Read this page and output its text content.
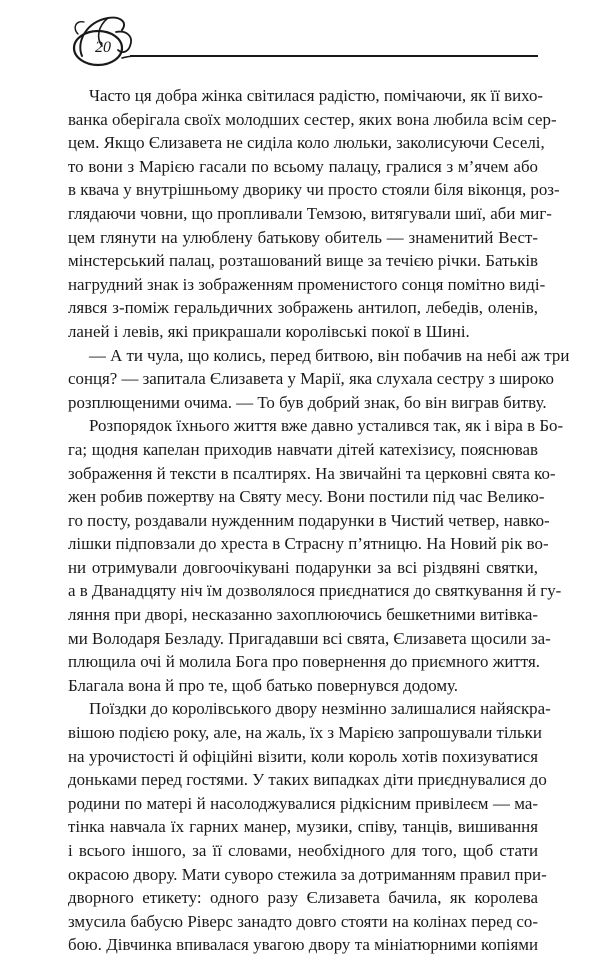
20
Часто ця добра жінка світилася радістю, помічаючи, як її вихо-
ванка оберігала своїх молодших сестер, яких вона любила всім сер-
цем. Якщо Єлизавета не сиділа коло люльки, заколисуючи Сеселі,
то вони з Марією гасали по всьому палацу, гралися з м’ячем або
в квача у внутрішньому дворику чи просто стояли біля віконця, роз-
глядаючи човни, що пропливали Темзою, витягували шиї, аби миг-
цем глянути на улюблену батькову обитель — знаменитий Вест-
мінстерський палац, розташований вище за течією річки. Батьків
нагрудний знак із зображенням променистого сонця помітно виді-
лявся з-поміж геральдичних зображень антилоп, лебедів, оленів,
ланей і левів, які прикрашали королівські покої в Шині.
— А ти чула, що колись, перед битвою, він побачив на небі аж три
сонця? — запитала Єлизавета у Марії, яка слухала сестру з широко
розплющеними очима. — То був добрий знак, бо він виграв битву.
Розпорядок їхнього життя вже давно усталився так, як і віра в Бо-
га; щодня капелан приходив навчати дітей катехізису, пояснював
зображення й тексти в псалтирях. На звичайні та церковні свята ко-
жен робив пожертву на Святу месу. Вони постили під час Велико-
го посту, роздавали нужденним подарунки в Чистий четвер, навко-
лішки підповзали до хреста в Страсну п’ятницю. На Новий рік во-
ни отримували довгоочікувані подарунки за всі різдвяні святки,
а в Дванадцяту ніч їм дозволялося приєднатися до святкування й гу-
ляння при дворі, несказанно захоплюючись бешкетними витівка-
ми Володаря Безладу. Пригадавши всі свята, Єлизавета щосили за-
плющила очі й молила Бога про повернення до приємного життя.
Благала вона й про те, щоб батько повернувся додому.
Поїздки до королівського двору незмінно залишалися найяскра-
вішою подією року, але, на жаль, їх з Марією запрошували тільки
на урочистості й офіційні візити, коли король хотів похизуватися
доньками перед гостями. У таких випадках діти приєднувалися до
родини по матері й насолоджувалися рідкісним привілеєм — ма-
тінка навчала їх гарних манер, музики, співу, танців, вишивання
і всього іншого, за її словами, необхідного для того, щоб стати
окрасою двору. Мати суворо стежила за дотриманням правил при-
дворного етикету: одного разу Єлизавета бачила, як королева
змусила бабусю Ріверс занадто довго стояти на колінах перед со-
бою. Дівчинка впивалася увагою двору та мініатюрними копіями
